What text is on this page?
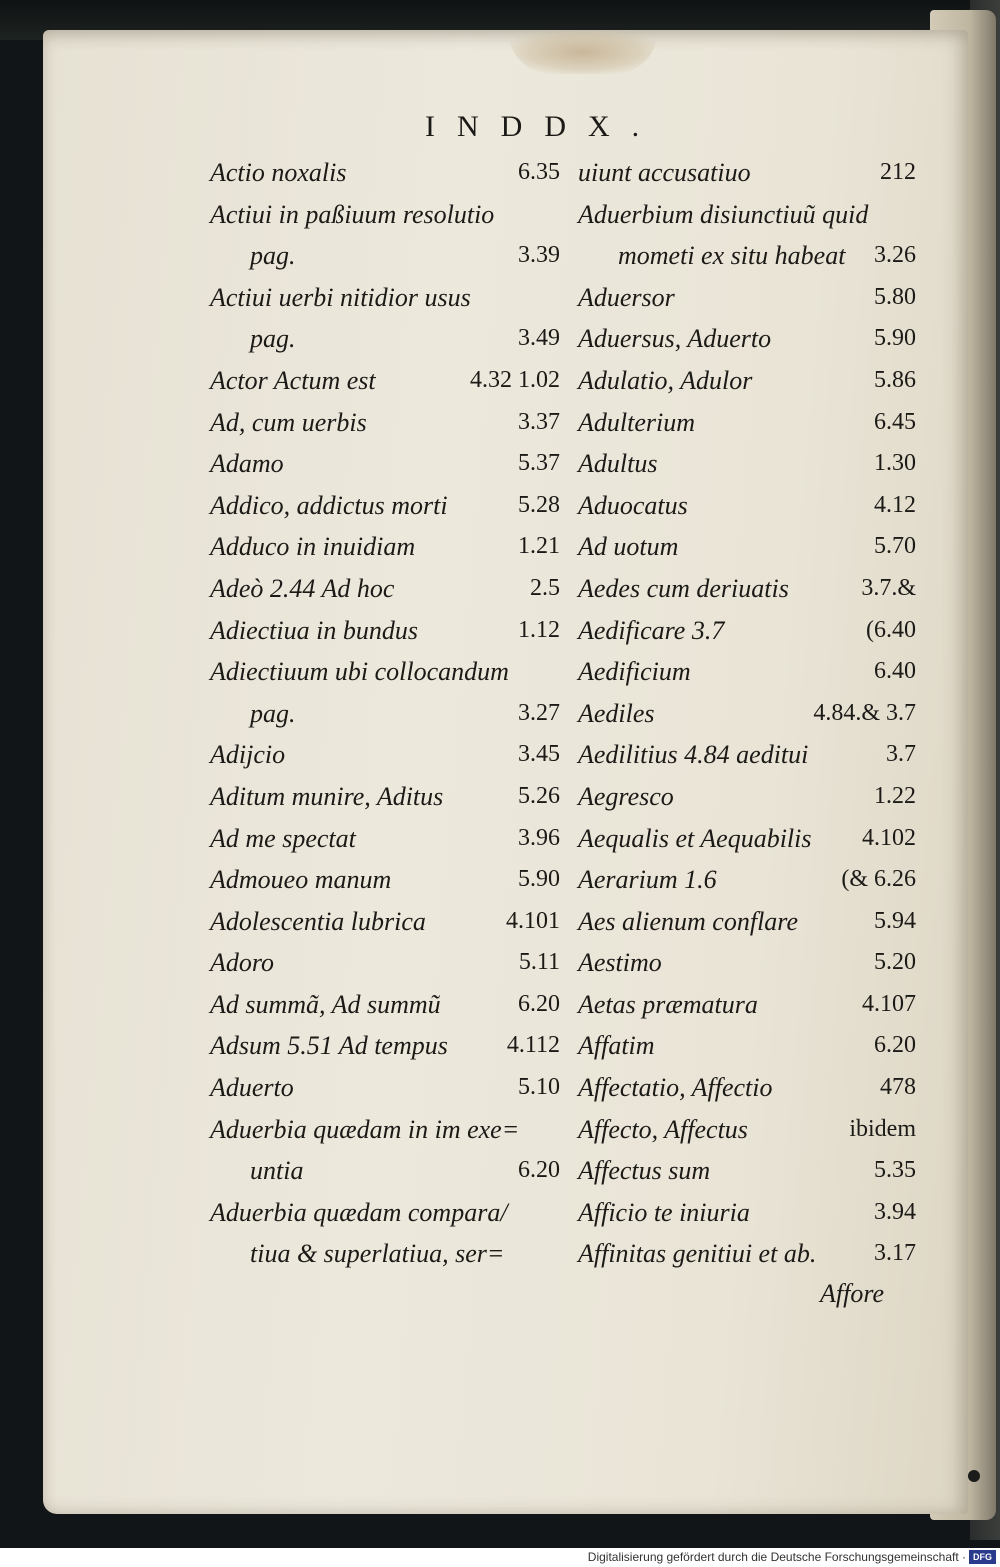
INDDX.
Actio noxalis	6.35
Actiui in paßiuum resolutio
pag.	3.39
Actiui uerbi nitidior usus
pag.	3.49
Actor Actum est	4.32 1.02
Ad, cum uerbis	3.37
Adamo	5.37
Addico, addictus morti	5.28
Adduco in inuidiam	1.21
Adeò 2.44 Ad hoc	2.5
Adiectiua in bundus	1.12
Adiectiuum ubi collocandum
pag.	3.27
Adijcio	3.45
Aditum munire, Aditus	5.26
Ad me spectat	3.96
Admoueo manum	5.90
Adolescentia lubrica	4.101
Adoro	5.11
Ad summã, Ad summũ	6.20
Adsum 5.51 Ad tempus 4.112
Aduerto	5.10
Aduerbia quædam in im exe=
untia	6.20
Aduerbia quædam compara/
tiua & superlatiua, ser=
uiunt accusatiuo	212
Aduerbium disiunctiuũ quid
mometi ex situ habeat 3.26
Aduersor	5.80
Aduersus, Aduerto	5.90
Adulatio, Adulor	5.86
Adulterium	6.45
Adultus	1.30
Aduocatus	4.12
Ad uotum	5.70
Aedes cum deriuatis	3.7.&
Aedificare 3.7	(6.40
Aedificium	6.40
Aediles	4.84.& 3.7
Aedilitius 4.84 aeditui	3.7
Aegresco	1.22
Aequalis et Aequabilis 4.102
Aerarium 1.6	(& 6.26
Aes alienum conflare	5.94
Aestimo	5.20
Aetas præmatura	4.107
Affatim	6.20
Affectatio, Affectio	478
Affecto, Affectus	ibidem
Affectus sum	5.35
Afficio te iniuria	3.94
Affinitas genitiui et ab. 3.17
Affore
Digitalisierung gefördert durch die Deutsche Forschungsgemeinschaft · DFG
